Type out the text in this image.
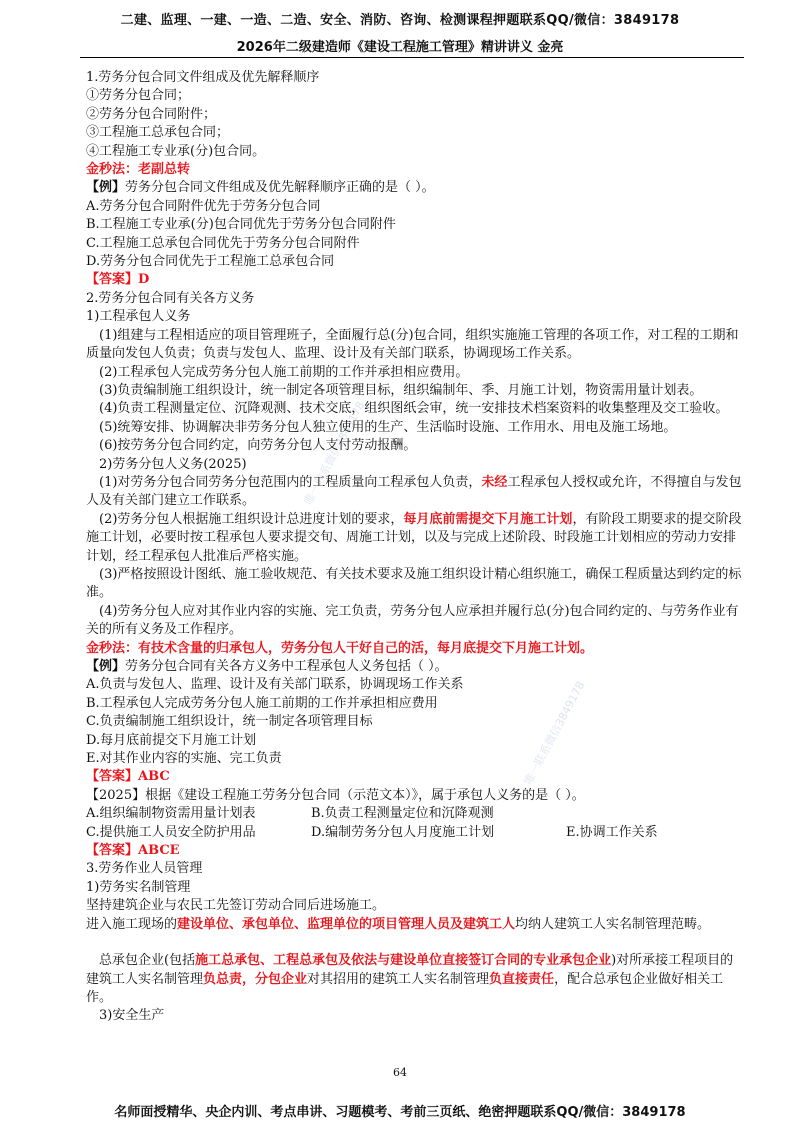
二建、监理、一建、一造、二造、安全、消防、咨询、检测课程押题联系QQ/微信：3849178
2026年二级建造师《建设工程施工管理》精讲讲义 金亮
唯一联系微信3849178
唯一联系微信3849178

1.劳务分包合同文件组成及优先解释顺序

①劳务分包合同；

②劳务分包合同附件；

③工程施工总承包合同；

④工程施工专业承(分)包合同。

金秒法：老副总转

【例】劳务分包合同文件组成及优先解释顺序正确的是（ ）。

A.劳务分包合同附件优先于劳务分包合同

B.工程施工专业承(分)包合同优先于劳务分包合同附件

C.工程施工总承包合同优先于劳务分包合同附件

D.劳务分包合同优先于工程施工总承包合同

【答案】D

2.劳务分包合同有关各方义务

1)工程承包人义务

(1)组建与工程相适应的项目管理班子，全面履行总(分)包合同，组织实施施工管理的各项工作，对工程的工期和质量向发包人负责；负责与发包人、监理、设计及有关部门联系，协调现场工作关系。

(2)工程承包人完成劳务分包人施工前期的工作并承担相应费用。

(3)负责编制施工组织设计，统一制定各项管理目标，组织编制年、季、月施工计划，物资需用量计划表。

(4)负责工程测量定位、沉降观测、技术交底，组织图纸会审，统一安排技术档案资料的收集整理及交工验收。

(5)统筹安排、协调解决非劳务分包人独立使用的生产、生活临时设施、工作用水、用电及施工场地。

(6)按劳务分包合同约定，向劳务分包人支付劳动报酬。

2)劳务分包人义务(2025)

(1)对劳务分包合同劳务分包范围内的工程质量向工程承包人负责，未经工程承包人授权或允许，不得擅自与发包人及有关部门建立工作联系。

(2)劳务分包人根据施工组织设计总进度计划的要求，每月底前需提交下月施工计划，有阶段工期要求的提交阶段施工计划，必要时按工程承包人要求提交旬、周施工计划，以及与完成上述阶段、时段施工计划相应的劳动力安排计划，经工程承包人批准后严格实施。

(3)严格按照设计图纸、施工验收规范、有关技术要求及施工组织设计精心组织施工，确保工程质量达到约定的标准。

(4)劳务分包人应对其作业内容的实施、完工负责，劳务分包人应承担并履行总(分)包合同约定的、与劳务作业有关的所有义务及工作程序。

金秒法：有技术含量的归承包人，劳务分包人干好自己的活，每月底提交下月施工计划。

【例】劳务分包合同有关各方义务中工程承包人义务包括（ ）。

A.负责与发包人、监理、设计及有关部门联系，协调现场工作关系

B.工程承包人完成劳务分包人施工前期的工作并承担相应费用

C.负责编制施工组织设计，统一制定各项管理目标

D.每月底前提交下月施工计划

E.对其作业内容的实施、完工负责

【答案】ABC

【2025】根据《建设工程施工劳务分包合同（示范文本）》，属于承包人义务的是（ ）。

A.组织编制物资需用量计划表	B.负责工程测量定位和沉降观测

C.提供施工人员安全防护用品	D.编制劳务分包人月度施工计划	E.协调工作关系

【答案】ABCE

3.劳务作业人员管理

1)劳务实名制管理

坚持建筑企业与农民工先签订劳动合同后进场施工。

进入施工现场的建设单位、承包单位、监理单位的项目管理人员及建筑工人均纳人建筑工人实名制管理范畴。

总承包企业(包括施工总承包、工程总承包及依法与建设单位直接签订合同的专业承包企业)对所承接工程项目的建筑工人实名制管理负总责，分包企业对其招用的建筑工人实名制管理负直接责任，配合总承包企业做好相关工作。

3)安全生产

64
名师面授精华、央企内训、考点串讲、习题模考、考前三页纸、绝密押题联系QQ/微信：3849178
